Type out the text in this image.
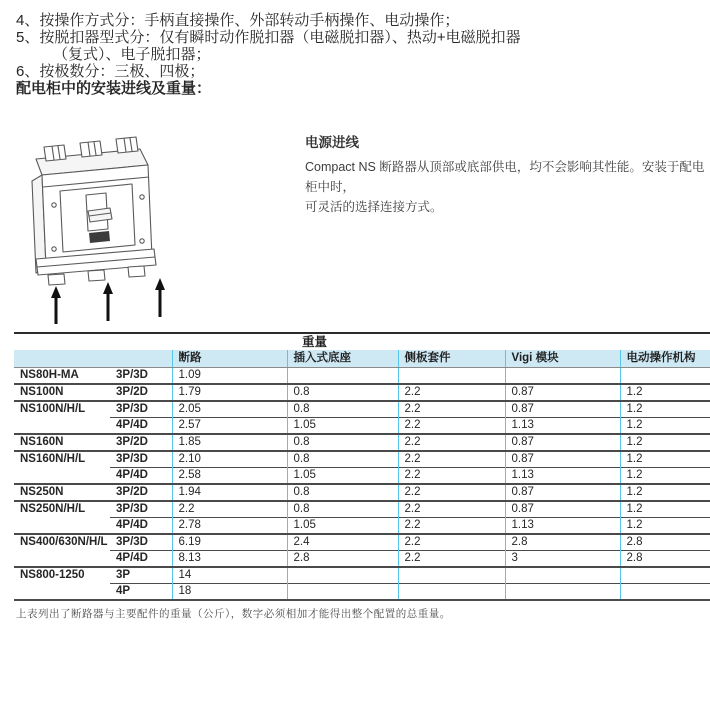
4、按操作方式分：手柄直接操作、外部转动手柄操作、电动操作；

5、按脱扣器型式分：仅有瞬时动作脱扣器（电磁脱扣器）、热动+电磁脱扣器

（复式）、电子脱扣器；

6、按极数分：三极、四极；

配电柜中的安装进线及重量：

电源进线

Compact NS 断路器从顶部或底部供电，均不会影响其性能。安装于配电柜中时，
可灵活的选择连接方式。

重量						
		断路	插入式底座	侧板套件	Vigi 模块	电动操作机构
NS80H-MA	3P/3D	1.09				
NS100N	3P/2D	1.79	0.8	2.2	0.87	1.2
NS100N/H/L	3P/3D	2.05	0.8	2.2	0.87	1.2
	4P/4D	2.57	1.05	2.2	1.13	1.2
NS160N	3P/2D	1.85	0.8	2.2	0.87	1.2
NS160N/H/L	3P/3D	2.10	0.8	2.2	0.87	1.2
	4P/4D	2.58	1.05	2.2	1.13	1.2
NS250N	3P/2D	1.94	0.8	2.2	0.87	1.2
NS250N/H/L	3P/3D	2.2	0.8	2.2	0.87	1.2
	4P/4D	2.78	1.05	2.2	1.13	1.2
NS400/630N/H/L	3P/3D	6.19	2.4	2.2	2.8	2.8
	4P/4D	8.13	2.8	2.2	3	2.8
NS800-1250	3P	14				
	4P	18				

上表列出了断路器与主要配件的重量（公斤），数字必须相加才能得出整个配置的总重量。
